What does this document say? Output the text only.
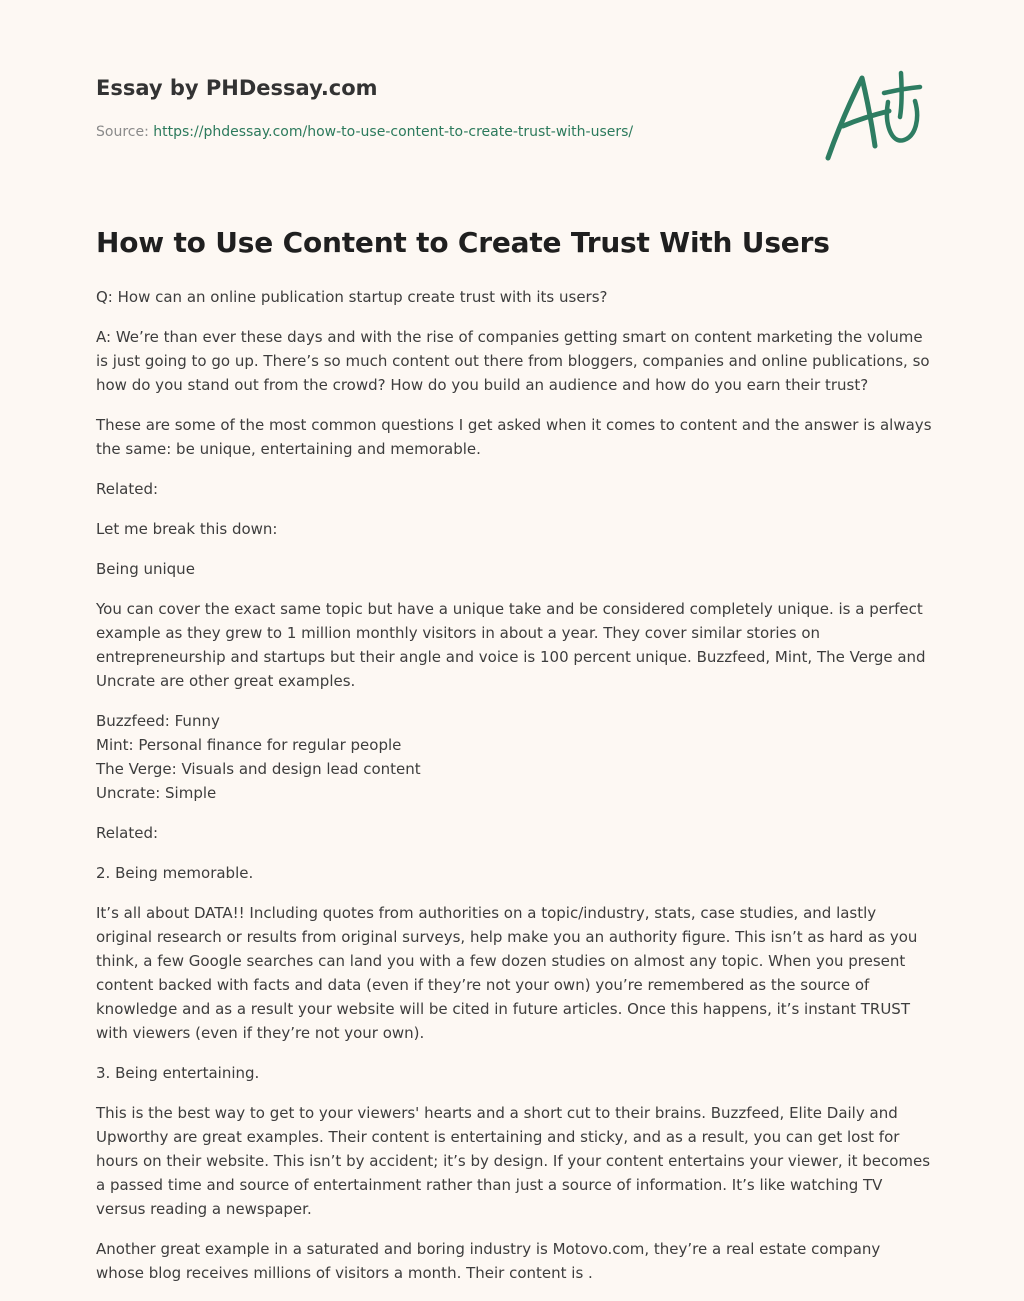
Essay by PHDessay.com
Source: https://phdessay.com/how-to-use-content-to-create-trust-with-users/
How to Use Content to Create Trust With Users

Q: How can an online publication startup create trust with its users?

A: We’re than ever these days and with the rise of companies getting smart on content marketing the volume is just going to go up. There’s so much content out there from bloggers, companies and online publications, so how do you stand out from the crowd? How do you build an audience and how do you earn their trust?

These are some of the most common questions I get asked when it comes to content and the answer is always the same: be unique, entertaining and memorable.

Related:

Let me break this down:

Being unique

You can cover the exact same topic but have a unique take and be considered completely unique. is a perfect example as they grew to 1 million monthly visitors in about a year. They cover similar stories on entrepreneurship and startups but their angle and voice is 100 percent unique. Buzzfeed, Mint, The Verge and Uncrate are other great examples.

Buzzfeed: Funny
Mint: Personal finance for regular people
The Verge: Visuals and design lead content
Uncrate: Simple

Related:

2. Being memorable.

It’s all about DATA!! Including quotes from authorities on a topic/industry, stats, case studies, and lastly original research or results from original surveys, help make you an authority figure. This isn’t as hard as you think, a few Google searches can land you with a few dozen studies on almost any topic. When you present content backed with facts and data (even if they’re not your own) you’re remembered as the source of knowledge and as a result your website will be cited in future articles. Once this happens, it’s instant TRUST with viewers (even if they’re not your own).

3. Being entertaining.

This is the best way to get to your viewers' hearts and a short cut to their brains. Buzzfeed, Elite Daily and Upworthy are great examples. Their content is entertaining and sticky, and as a result, you can get lost for hours on their website. This isn’t by accident; it’s by design. If your content entertains your viewer, it becomes a passed time and source of entertainment rather than just a source of information. It’s like watching TV versus reading a newspaper.

Another great example in a saturated and boring industry is Motovo.com, they’re a real estate company whose blog receives millions of visitors a month. Their content is .
